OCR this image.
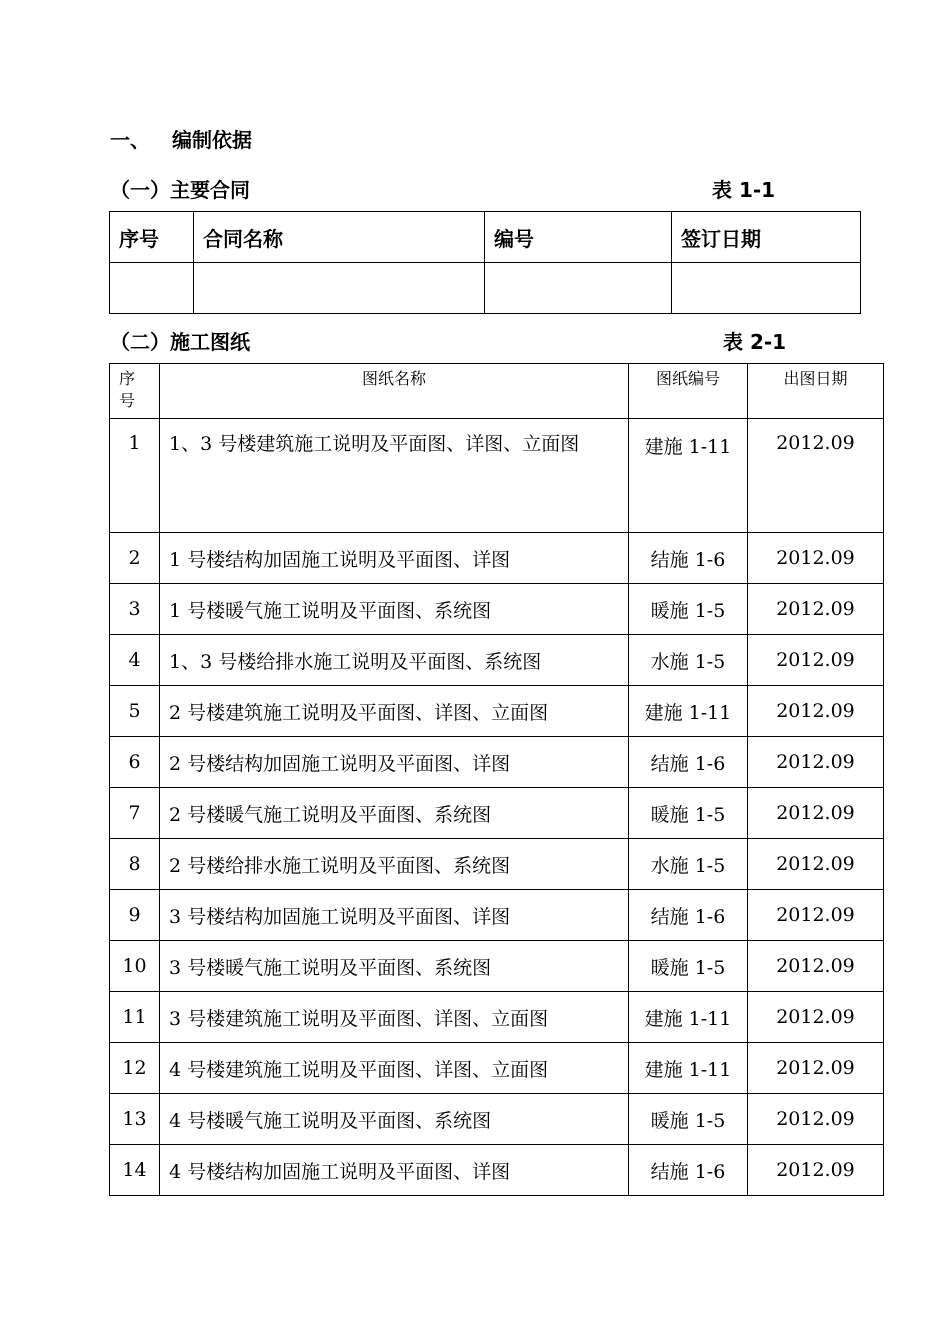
一、 编制依据
（一）主要合同	表 1-1
序号	合同名称	编号	签订日期

（二）施工图纸	表 2-1
序号	图纸名称	图纸编号	出图日期
1	1、3 号楼建筑施工说明及平面图、详图、立面图	建施 1-11	2012.09
2	1 号楼结构加固施工说明及平面图、详图	结施 1-6	2012.09
3	1 号楼暖气施工说明及平面图、系统图	暖施 1-5	2012.09
4	1、3 号楼给排水施工说明及平面图、系统图	水施 1-5	2012.09
5	2 号楼建筑施工说明及平面图、详图、立面图	建施 1-11	2012.09
6	2 号楼结构加固施工说明及平面图、详图	结施 1-6	2012.09
7	2 号楼暖气施工说明及平面图、系统图	暖施 1-5	2012.09
8	2 号楼给排水施工说明及平面图、系统图	水施 1-5	2012.09
9	3 号楼结构加固施工说明及平面图、详图	结施 1-6	2012.09
10	3 号楼暖气施工说明及平面图、系统图	暖施 1-5	2012.09
11	3 号楼建筑施工说明及平面图、详图、立面图	建施 1-11	2012.09
12	4 号楼建筑施工说明及平面图、详图、立面图	建施 1-11	2012.09
13	4 号楼暖气施工说明及平面图、系统图	暖施 1-5	2012.09
14	4 号楼结构加固施工说明及平面图、详图	结施 1-6	2012.09
